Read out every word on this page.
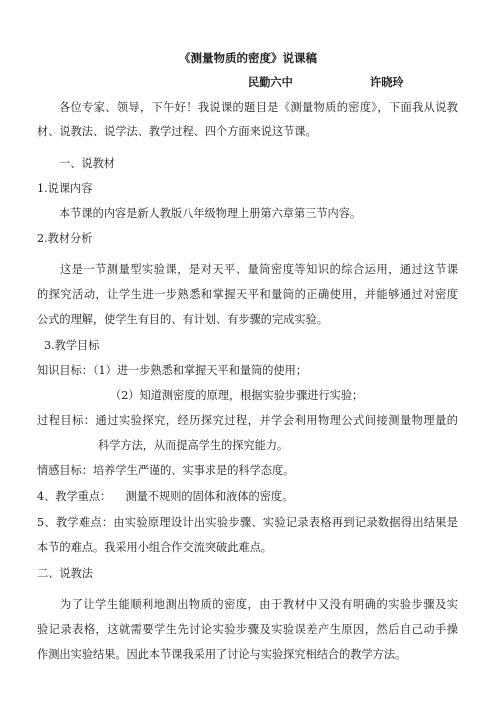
《测量物质的密度》说课稿
民勤六中	许晓玲
各位专家、领导，下午好！我说课的题目是《测量物质的密度》，下面我从说教
材、说教法、说学法、教学过程、四个方面来说这节课。
一、说教材
1.说课内容
本节课的内容是新人教版八年级物理上册第六章第三节内容。
2.教材分析
这是一节测量型实验课，是对天平、量筒密度等知识的综合运用，通过这节课
的探究活动，让学生进一步熟悉和掌握天平和量筒的正确使用，并能够通过对密度
公式的理解，使学生有目的、有计划、有步骤的完成实验。
3.教学目标
知识目标：（1）进一步熟悉和掌握天平和量筒的使用；
（2）知道测密度的原理，根据实验步骤进行实验；
过程目标：通过实验探究，经历探究过程，并学会利用物理公式间接测量物理量的
科学方法，从而提高学生的探究能力。
情感目标：培养学生严谨的、实事求是的科学态度。
4、教学重点：    测量不规则的固体和液体的密度。
5、教学难点：由实验原理设计出实验步骤、实验记录表格再到记录数据得出结果是
本节的难点。我采用小组合作交流突破此难点。
二、说教法
为了让学生能顺利地测出物质的密度，由于教材中又没有明确的实验步骤及实
验记录表格，这就需要学生先讨论实验步骤及实验误差产生原因，然后自己动手操
作测出实验结果。因此本节课我采用了讨论与实验探究相结合的教学方法。
